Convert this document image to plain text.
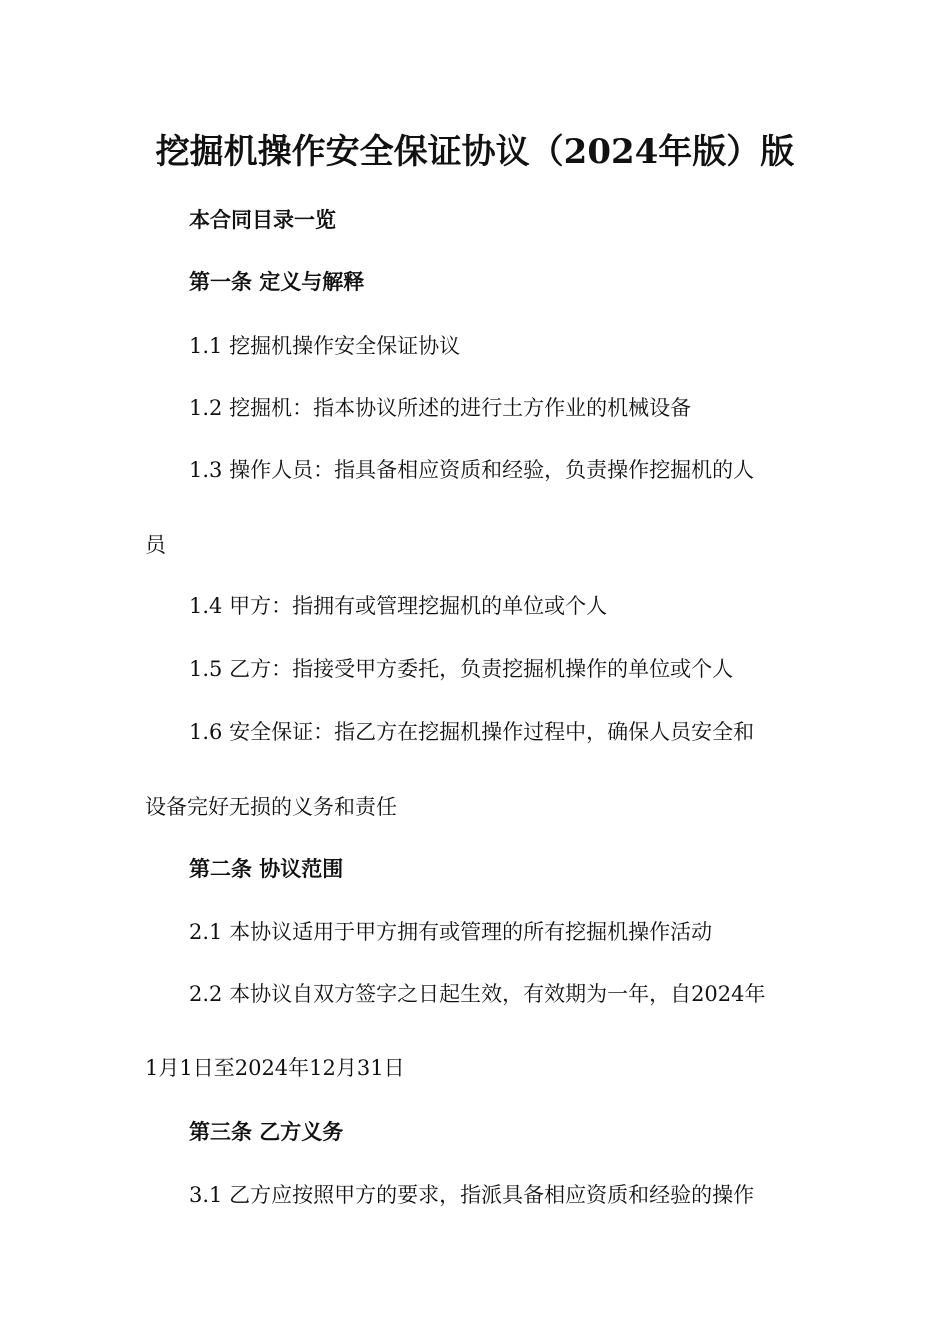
挖掘机操作安全保证协议（2024年版）版

本合同目录一览

第一条 定义与解释

1.1 挖掘机操作安全保证协议

1.2 挖掘机：指本协议所述的进行土方作业的机械设备

1.3 操作人员：指具备相应资质和经验，负责操作挖掘机的人

员

1.4 甲方：指拥有或管理挖掘机的单位或个人

1.5 乙方：指接受甲方委托，负责挖掘机操作的单位或个人

1.6 安全保证：指乙方在挖掘机操作过程中，确保人员安全和

设备完好无损的义务和责任

第二条 协议范围

2.1 本协议适用于甲方拥有或管理的所有挖掘机操作活动

2.2 本协议自双方签字之日起生效，有效期为一年，自2024年

1月1日至2024年12月31日

第三条 乙方义务

3.1 乙方应按照甲方的要求，指派具备相应资质和经验的操作
